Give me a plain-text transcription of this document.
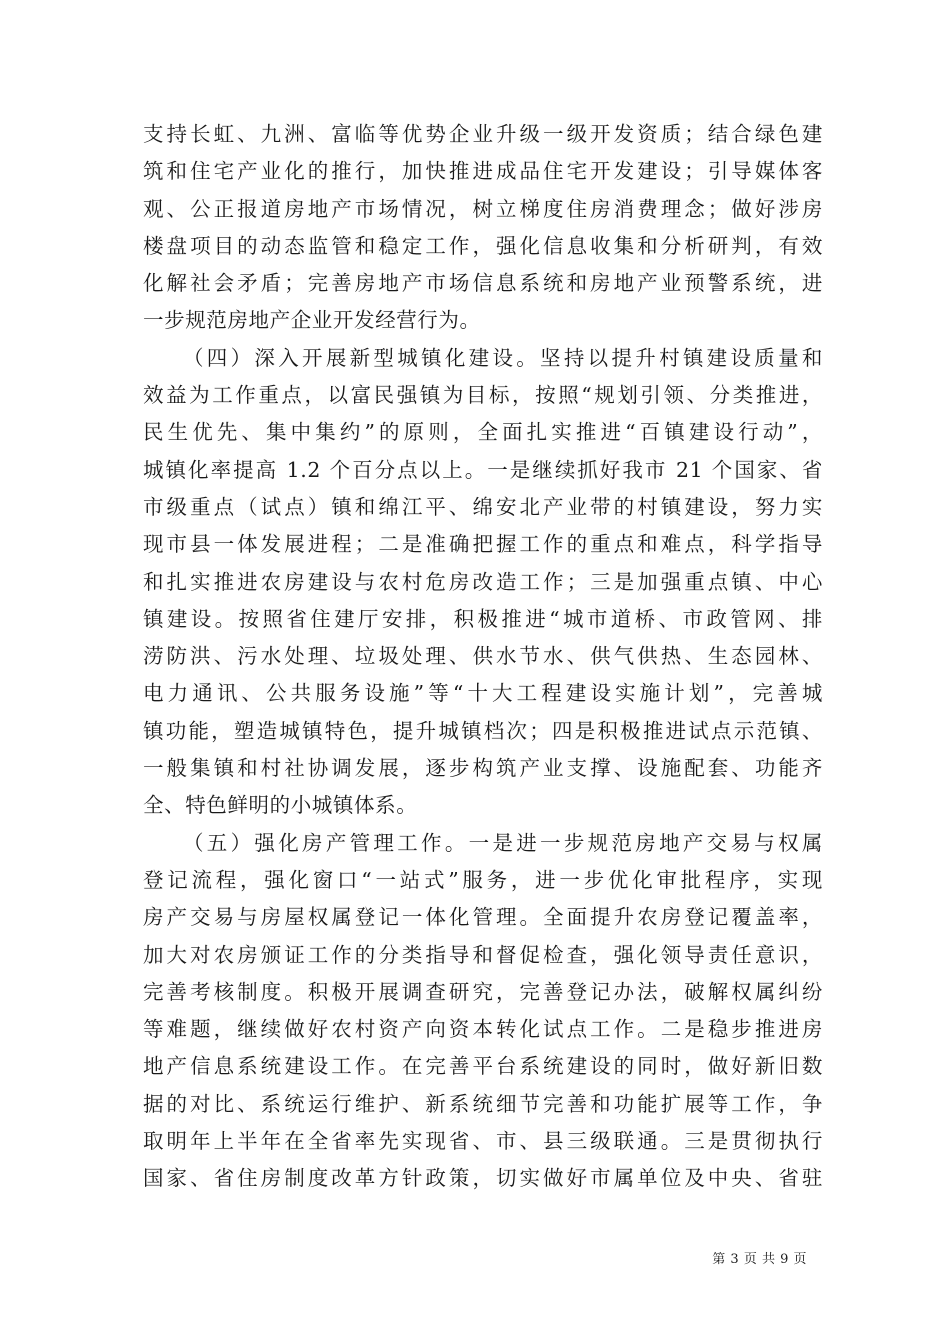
支持长虹、九洲、富临等优势企业升级一级开发资质；结合绿色建
筑和住宅产业化的推行，加快推进成品住宅开发建设；引导媒体客
观、公正报道房地产市场情况，树立梯度住房消费理念；做好涉房
楼盘项目的动态监管和稳定工作，强化信息收集和分析研判，有效
化解社会矛盾；完善房地产市场信息系统和房地产业预警系统，进
一步规范房地产企业开发经营行为。
（四）深入开展新型城镇化建设。坚持以提升村镇建设质量和
效益为工作重点，以富民强镇为目标，按照“规划引领、分类推进，
民生优先、集中集约”的原则，全面扎实推进“百镇建设行动”，
城镇化率提高 1.2 个百分点以上。一是继续抓好我市 21 个国家、省
市级重点（试点）镇和绵江平、绵安北产业带的村镇建设，努力实
现市县一体发展进程；二是准确把握工作的重点和难点，科学指导
和扎实推进农房建设与农村危房改造工作；三是加强重点镇、中心
镇建设。按照省住建厅安排，积极推进“城市道桥、市政管网、排
涝防洪、污水处理、垃圾处理、供水节水、供气供热、生态园林、
电力通讯、公共服务设施”等“十大工程建设实施计划”，完善城
镇功能，塑造城镇特色，提升城镇档次；四是积极推进试点示范镇、
一般集镇和村社协调发展，逐步构筑产业支撑、设施配套、功能齐
全、特色鲜明的小城镇体系。
（五）强化房产管理工作。一是进一步规范房地产交易与权属
登记流程，强化窗口“一站式”服务，进一步优化审批程序，实现
房产交易与房屋权属登记一体化管理。全面提升农房登记覆盖率，
加大对农房颁证工作的分类指导和督促检查，强化领导责任意识，
完善考核制度。积极开展调查研究，完善登记办法，破解权属纠纷
等难题，继续做好农村资产向资本转化试点工作。二是稳步推进房
地产信息系统建设工作。在完善平台系统建设的同时，做好新旧数
据的对比、系统运行维护、新系统细节完善和功能扩展等工作，争
取明年上半年在全省率先实现省、市、县三级联通。三是贯彻执行
国家、省住房制度改革方针政策，切实做好市属单位及中央、省驻
第 3 页 共 9 页
